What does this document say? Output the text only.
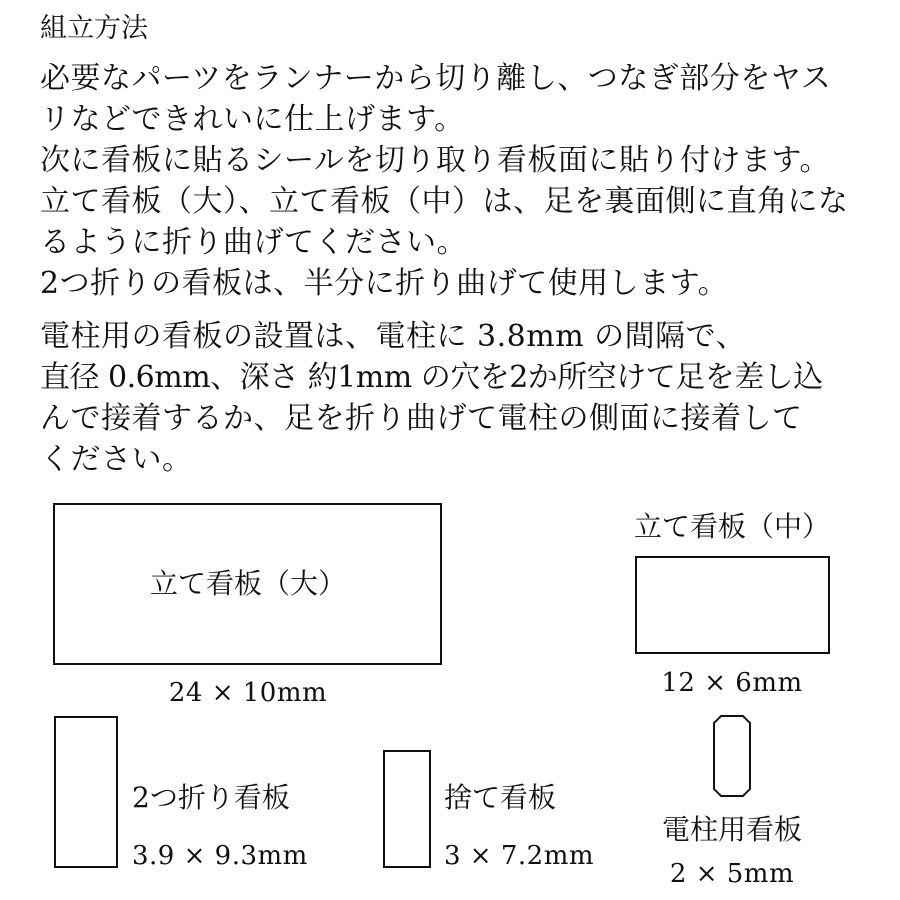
組立方法
必要なパーツをランナーから切り離し、つなぎ部分をヤス
リなどできれいに仕上げます。
次に看板に貼るシールを切り取り看板面に貼り付けます。
立て看板（大）、立て看板（中）は、足を裏面側に直角にな
るように折り曲げてください。
2つ折りの看板は、半分に折り曲げて使用します。
電柱用の看板の設置は、電柱に 3.8mm の間隔で、
直径 0.6mm、深さ 約1mm の穴を2か所空けて足を差し込
んで接着するか、足を折り曲げて電柱の側面に接着して
ください。
立て看板（大）
24 × 10mm
立て看板（中）
12 × 6mm
2つ折り看板
3.9 × 9.3mm
捨て看板
3 × 7.2mm
電柱用看板
2 × 5mm
